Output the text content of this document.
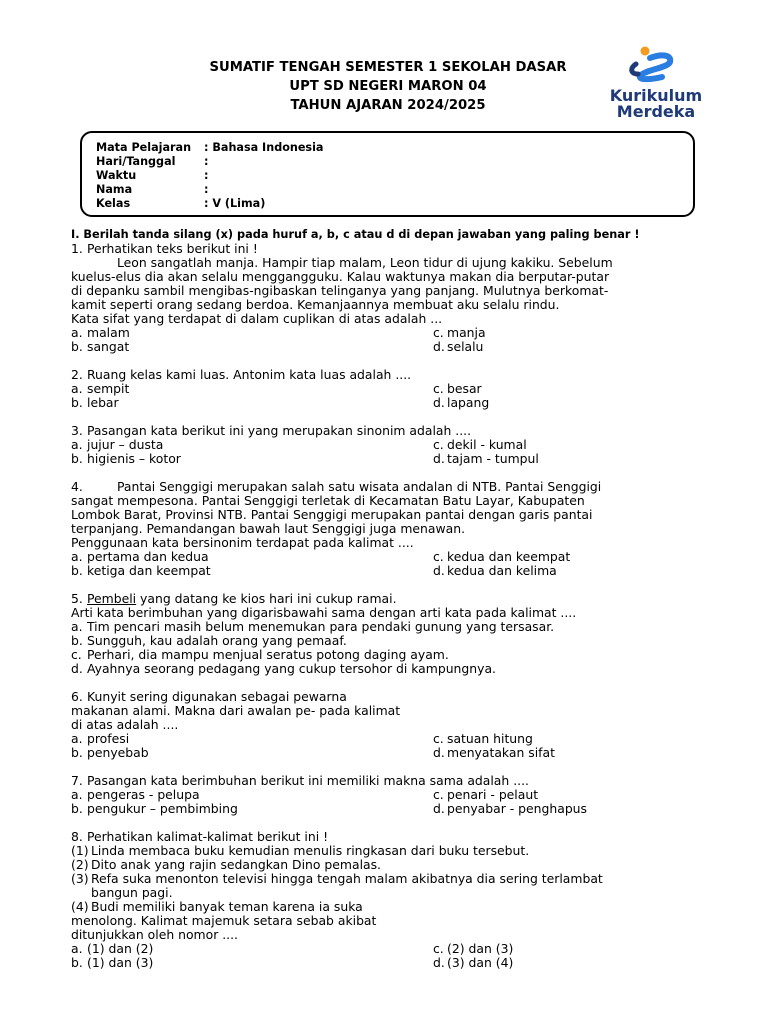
SUMATIF TENGAH SEMESTER 1 SEKOLAH DASAR
UPT SD NEGERI MARON 04
TAHUN AJARAN 2024/2025
Kurikulum
Merdeka
Mata Pelajaran : Bahasa Indonesia
Hari/Tanggal	:
Waktu	:
Nama	:
Kelas	: V (Lima)
I. Berilah tanda silang (x) pada huruf a, b, c atau d di depan jawaban yang paling benar !
1. Perhatikan teks berikut ini !
Leon sangatlah manja. Hampir tiap malam, Leon tidur di ujung kakiku. Sebelum
kuelus-elus dia akan selalu menggangguku. Kalau waktunya makan dia berputar-putar
di depanku sambil mengibas-ngibaskan telinganya yang panjang. Mulutnya berkomat-
kamit seperti orang sedang berdoa. Kemanjaannya membuat aku selalu rindu.
Kata sifat yang terdapat di dalam cuplikan di atas adalah ...
a. malam	c. manja
b. sangat	d. selalu
2. Ruang kelas kami luas. Antonim kata luas adalah ....
a. sempit	c. besar
b. lebar	d. lapang
3. Pasangan kata berikut ini yang merupakan sinonim adalah ....
a. jujur – dusta	c. dekil - kumal
b. higienis – kotor	d. tajam - tumpul
4.	Pantai Senggigi merupakan salah satu wisata andalan di NTB. Pantai Senggigi
sangat mempesona. Pantai Senggigi terletak di Kecamatan Batu Layar, Kabupaten
Lombok Barat, Provinsi NTB. Pantai Senggigi merupakan pantai dengan garis pantai
terpanjang. Pemandangan bawah laut Senggigi juga menawan.
Penggunaan kata bersinonim terdapat pada kalimat ....
a. pertama dan kedua	c. kedua dan keempat
b. ketiga dan keempat	d. kedua dan kelima
5. Pembeli yang datang ke kios hari ini cukup ramai.
Arti kata berimbuhan yang digarisbawahi sama dengan arti kata pada kalimat ....
a. Tim pencari masih belum menemukan para pendaki gunung yang tersasar.
b. Sungguh, kau adalah orang yang pemaaf.
c. Perhari, dia mampu menjual seratus potong daging ayam.
d. Ayahnya seorang pedagang yang cukup tersohor di kampungnya.
6. Kunyit sering digunakan sebagai pewarna
makanan alami. Makna dari awalan pe- pada kalimat
di atas adalah ....
a. profesi	c. satuan hitung
b. penyebab	d. menyatakan sifat
7. Pasangan kata berimbuhan berikut ini memiliki makna sama adalah ....
a. pengeras - pelupa	c. penari - pelaut
b. pengukur – pembimbing	d. penyabar - penghapus
8. Perhatikan kalimat-kalimat berikut ini !
(1) Linda membaca buku kemudian menulis ringkasan dari buku tersebut.
(2) Dito anak yang rajin sedangkan Dino pemalas.
(3) Refa suka menonton televisi hingga tengah malam akibatnya dia sering terlambat
bangun pagi.
(4) Budi memiliki banyak teman karena ia suka
menolong. Kalimat majemuk setara sebab akibat
ditunjukkan oleh nomor ....
a. (1) dan (2)	c. (2) dan (3)
b. (1) dan (3)	d. (3) dan (4)
